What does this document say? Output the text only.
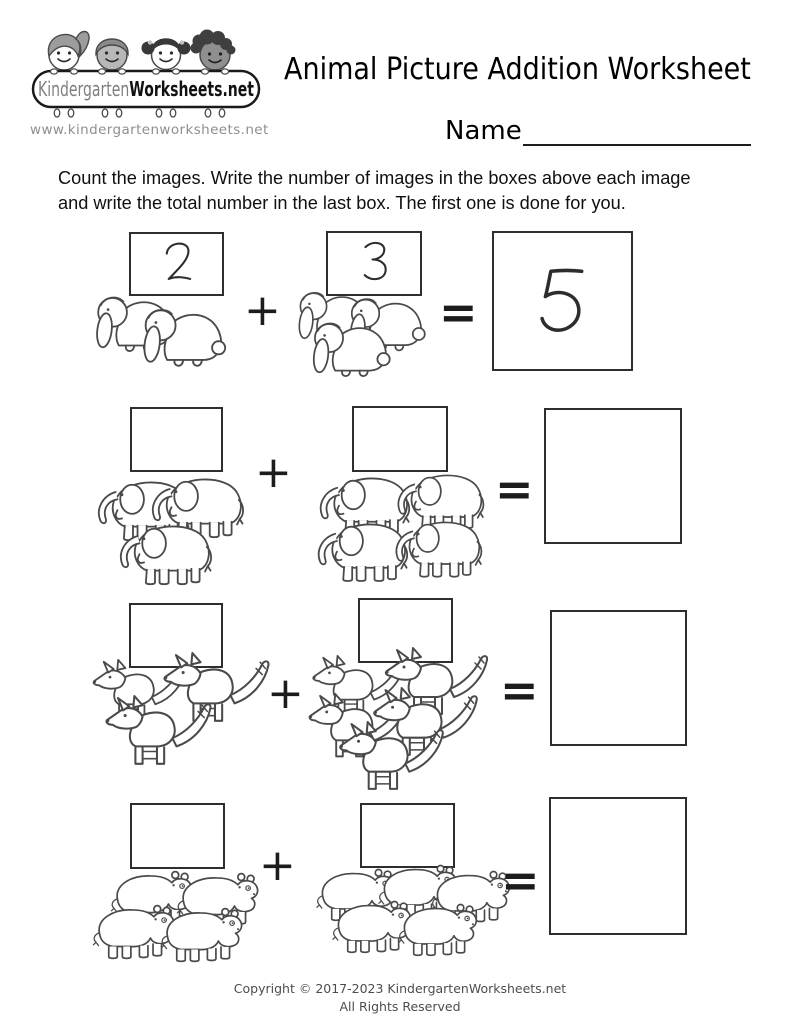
KindergartenWorksheets.net
www.kindergartenworksheets.net
Animal Picture Addition Worksheet
Name

Count the images. Write the number of images in the boxes above each image
and write the total number in the last box. The first one is done for you.

+	=
+	=
+	=
+	=
Copyright © 2017-2023 KindergartenWorksheets.net
All Rights Reserved
